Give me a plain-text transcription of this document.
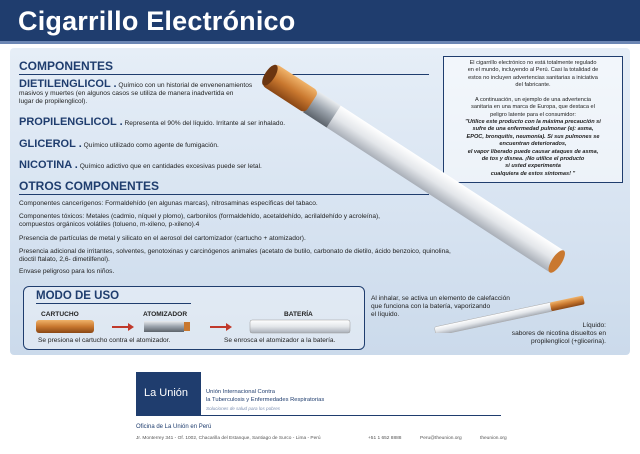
Cigarrillo Electrónico
COMPONENTES
DIETILENGLICOL . Químico con un historial de envenenamientos
masivos y muertes (en algunos casos se utiliza de manera inadvertida en
lugar de propilenglicol).
PROPILENGLICOL . Representa el 90% del líquido. Irritante al ser inhalado.
GLICEROL . Químico utilizado como agente de fumigación.
NICOTINA . Químico adictivo que en cantidades excesivas puede ser letal.
OTROS COMPONENTES
Componentes cancerígenos: Formaldehído (en algunas marcas), nitrosaminas específicas del tabaco.
Componentes tóxicos: Metales (cadmio, níquel y plomo), carbonilos (formaldehído, acetaldehído, acrilaldehído y acroleína),
compuestos orgánicos volátiles (tolueno, m-xileno, p-xileno).4
Presencia de partículas de metal y silicato en el aerosol del cartomizador (cartucho + atomizador).
Presencia adicional de irritantes, solventes, genotoxinas y carcinógenos animales (acetato de butilo, carbonato de dietilo, ácido benzoico, quinolina,
dioctil ftalato, 2,6- dimetilfenol).
Envase peligroso para los niños.
El cigarrillo electrónico no está totalmente regulado
en el mundo, incluyendo al Perú. Casi la totalidad de
estos no incluyen advertencias sanitarias a iniciativa
del fabricante.
A continuación, un ejemplo de una advertencia
sanitaria en una marca de Europa, que destaca el
peligro latente para el consumidor:
"Utilice este producto con la máxima precaución si
sufre de una enfermedad pulmonar (ej: asma,
EPOC, bronquitis, neumonía). Si sus pulmones se
encuentran deteriorados,
el vapor liberado puede causar ataques de asma,
de tos y disnea. ¡No utilice el producto
si usted experimenta
cualquiera de estos síntomas! "
MODO DE USO
CARTUCHO	ATOMIZADOR	BATERÍA
Se presiona el cartucho contra el atomizador.	Se enrosca el atomizador a la batería.
Al inhalar, se activa un elemento de calefacción
que funciona con la batería, vaporizando
el líquido.
Líquido:
sabores de nicotina disueltos en
propilenglicol (+glicerina).
La Unión	Unión Internacional Contra
la Tuberculosis y Enfermedades Respiratorias
Soluciones de salud para los pobres
Oficina de La Unión en Perú
Jr. Monterrey 341 - Of. 1002, Chacarilla del Estanque, Santiago de Surco - Lima - Perú	+51 1 652 8888	Peru@theunion.org	theunion.org
